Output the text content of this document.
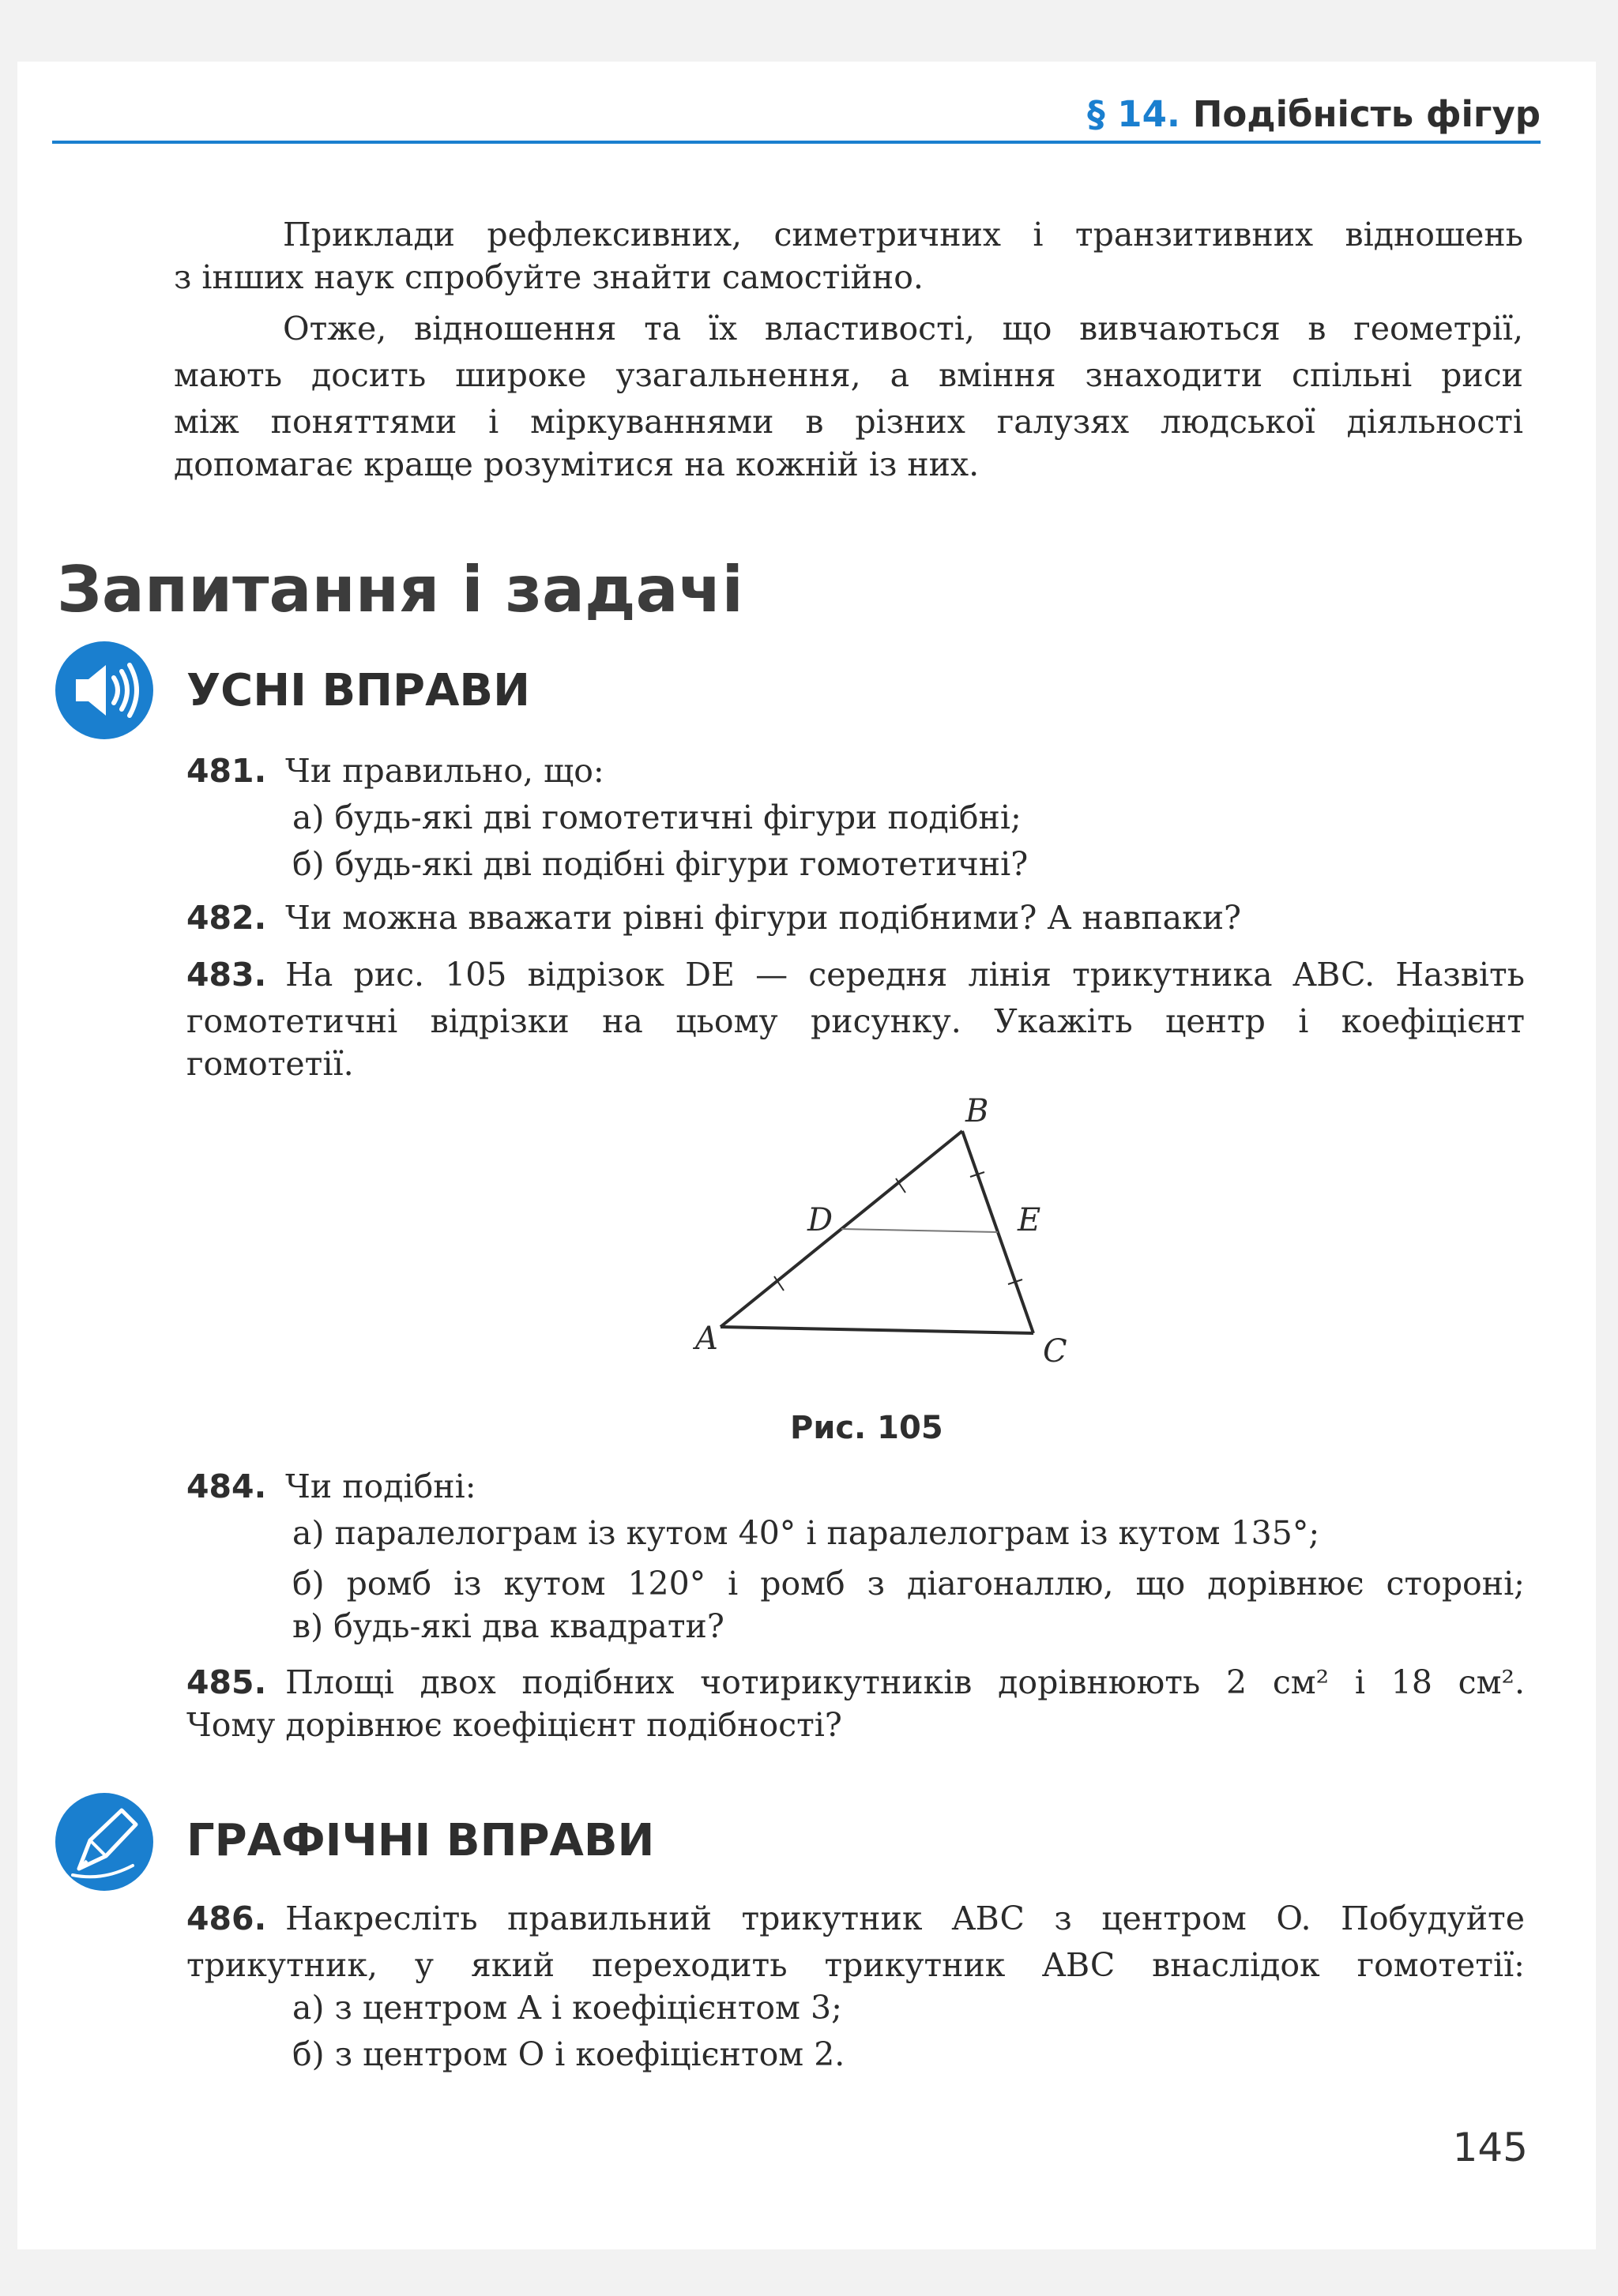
§ 14. Подібність фігур
Приклади рефлексивних, симетричних і транзитивних відношень
з інших наук спробуйте знайти самостійно.
Отже, відношення та їх властивості, що вивчаються в геометрії,
мають досить широке узагальнення, а вміння знаходити спільні риси
між поняттями і міркуваннями в різних галузях людської діяльності
допомагає краще розумітися на кожній із них.
Запитання і задачі
УСНІ ВПРАВИ
481. Чи правильно, що:
а) будь-які дві гомотетичні фігури подібні;
б) будь-які дві подібні фігури гомотетичні?
482. Чи можна вважати рівні фігури подібними? А навпаки?
483. На рис. 105 відрізок DE — середня лінія трикутника ABC. Назвіть
гомотетичні відрізки на цьому рисунку. Укажіть центр і коефіцієнт
гомотетії.
A
B
C
D	E
Рис. 105
484. Чи подібні:
а) паралелограм із кутом 40° і паралелограм із кутом 135°;
б) ромб із кутом 120° і ромб з діагоналлю, що дорівнює стороні;
в) будь-які два квадрати?
485. Площі двох подібних чотирикутників дорівнюють 2 см² і 18 см².
Чому дорівнює коефіцієнт подібності?
ГРАФІЧНІ ВПРАВИ
486. Накресліть правильний трикутник ABC з центром O. Побудуйте
трикутник, у який переходить трикутник ABC внаслідок гомотетії:
а) з центром A і коефіцієнтом 3;
б) з центром O і коефіцієнтом 2.
145
